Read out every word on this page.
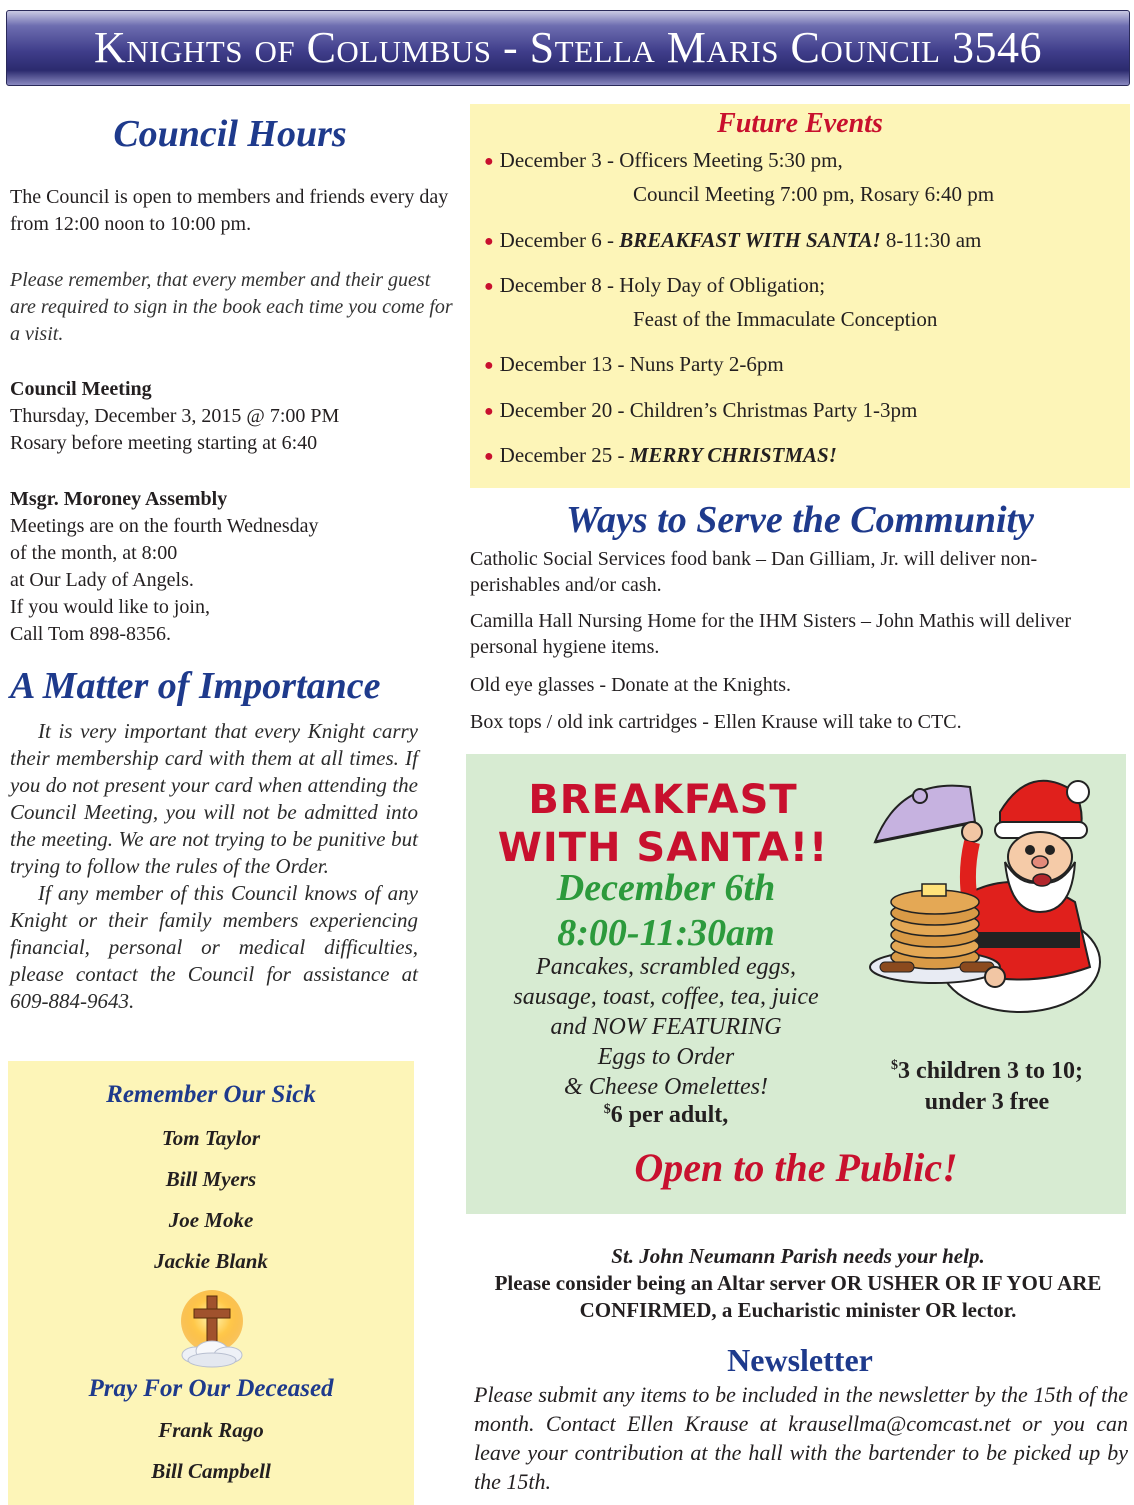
Knights of Columbus - Stella Maris Council 3546
Council Hours
The Council is open to members and friends every day from 12:00 noon to 10:00 pm.
Please remember, that every member and their guest are required to sign in the book each time you come for a visit.
Council Meeting
Thursday, December 3, 2015 @ 7:00 PM
Rosary before meeting starting at 6:40
Msgr. Moroney Assembly
Meetings are on the fourth Wednesday
of the month, at 8:00
at Our Lady of Angels.
If you would like to join,
Call Tom 898-8356.
A Matter of Importance

It is very important that every Knight carry their membership card with them at all times. If you do not present your card when attending the Council Meeting, you will not be admitted into the meeting. We are not trying to be punitive but trying to follow the rules of the Order.

If any member of this Council knows of any Knight or their family members experiencing financial, personal or medical difficulties, please contact the Council for assistance at 609-884-9643.

Remember Our Sick
Tom Taylor
Bill Myers
Joe Moke
Jackie Blank
Pray For Our Deceased
Frank Rago
Bill Campbell
Future Events
● December 3 - Officers Meeting 5:30 pm,
Council Meeting 7:00 pm, Rosary 6:40 pm
● December 6 - BREAKFAST WITH SANTA! 8-11:30 am
● December 8 - Holy Day of Obligation;
Feast of the Immaculate Conception
● December 13 - Nuns Party 2-6pm
● December 20 - Children’s Christmas Party 1-3pm
● December 25 - MERRY CHRISTMAS!
Ways to Serve the Community
Catholic Social Services food bank – Dan Gilliam, Jr. will deliver non-perishables and/or cash.
Camilla Hall Nursing Home for the IHM Sisters – John Mathis will deliver personal hygiene items.
Old eye glasses - Donate at the Knights.
Box tops / old ink cartridges - Ellen Krause will take to CTC.
BREAKFAST
WITH SANTA!!
December 6th
8:00-11:30am
Pancakes, scrambled eggs,
sausage, toast, coffee, tea, juice
and NOW FEATURING
Eggs to Order
& Cheese Omelettes!
$6 per adult,
$3 children 3 to 10;
under 3 free
Open to the Public!
St. John Neumann Parish needs your help.
Please consider being an Altar server OR USHER OR IF YOU ARE CONFIRMED, a Eucharistic minister OR lector.
Newsletter
Please submit any items to be included in the newsletter by the 15th of the month. Contact Ellen Krause at krausellma@comcast.net or you can leave your contribution at the hall with the bartender to be picked up by the 15th.
